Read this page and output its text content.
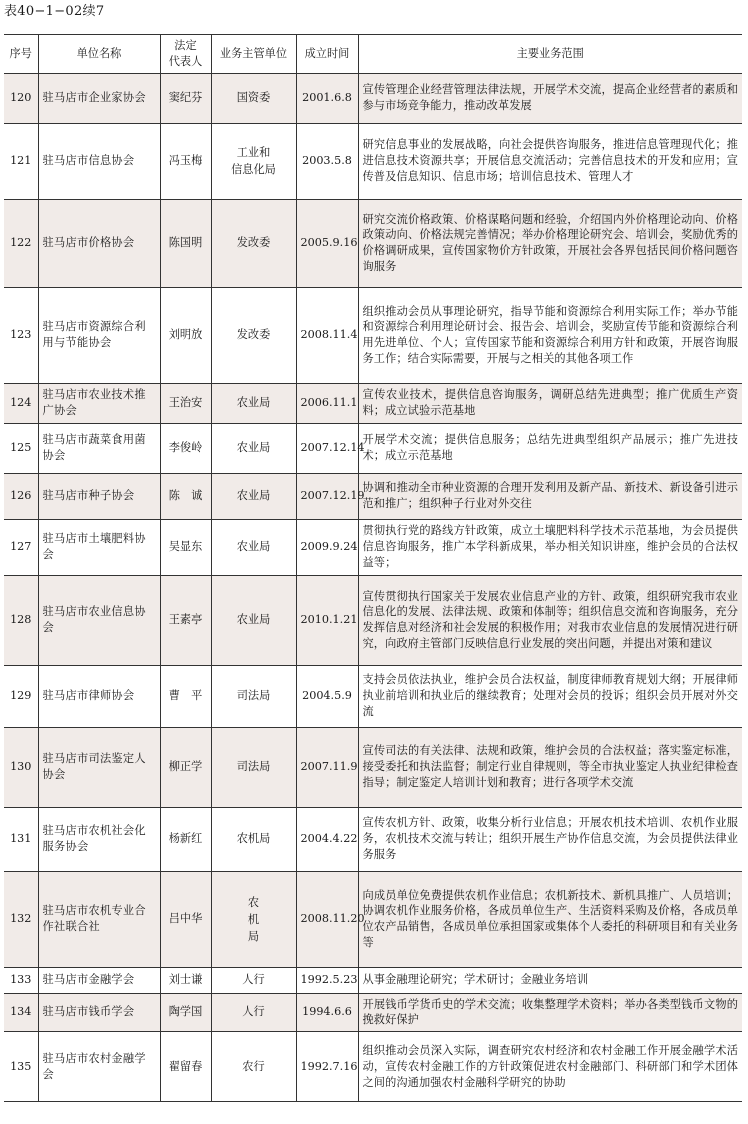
表40−1−02续7
序号	单位名称	法定
代表人	业务主管单位	成立时间	主要业务范围
120	驻马店市企业家协会	窦纪芬	国资委	2001.6.8	宣传管理企业经营管理法律法规，开展学术交流，提高企业经营者的素质和参与市场竞争能力，推动改革发展
121	驻马店市信息协会	冯玉梅	工业和
信息化局	2003.5.8	研究信息事业的发展战略，向社会提供咨询服务，推进信息管理现代化；推进信息技术资源共享；开展信息交流活动；完善信息技术的开发和应用；宣传普及信息知识、信息市场；培训信息技术、管理人才
122	驻马店市价格协会	陈国明	发改委	2005.9.16	研究交流价格政策、价格谋略问题和经验，介绍国内外价格理论动向、价格政策动向、价格法规完善情况；举办价格理论研究会、培训会，奖励优秀的价格调研成果，宣传国家物价方针政策，开展社会各界包括民间价格问题咨询服务
123	驻马店市资源综合利用与节能协会	刘明放	发改委	2008.11.4	组织推动会员从事理论研究，指导节能和资源综合利用实际工作；举办节能和资源综合利用理论研讨会、报告会、培训会，奖励宣传节能和资源综合利用先进单位、个人；宣传国家节能和资源综合利用方针和政策，开展咨询服务工作；结合实际需要，开展与之相关的其他各项工作
124	驻马店市农业技术推广协会	王治安	农业局	2006.11.1	宣传农业技术，提供信息咨询服务，调研总结先进典型；推广优质生产资料；成立试验示范基地
125	驻马店市蔬菜食用菌协会	李俊岭	农业局	2007.12.14	开展学术交流；提供信息服务；总结先进典型组织产品展示；推广先进技术；成立示范基地
126	驻马店市种子协会	陈　诚	农业局	2007.12.19	协调和推动全市种业资源的合理开发利用及新产品、新技术、新设备引进示范和推广；组织种子行业对外交往
127	驻马店市土壤肥料协会	吴显东	农业局	2009.9.24	贯彻执行党的路线方针政策，成立土壤肥料科学技术示范基地，为会员提供信息咨询服务，推广本学科新成果，举办相关知识讲座，维护会员的合法权益等；
128	驻马店市农业信息协会	王素亭	农业局	2010.1.21	宣传贯彻执行国家关于发展农业信息产业的方针、政策，组织研究我市农业信息化的发展、法律法规、政策和体制等；组织信息交流和咨询服务，充分发挥信息对经济和社会发展的积极作用；对我市农业信息的发展情况进行研究，向政府主管部门反映信息行业发展的突出问题，并提出对策和建议
129	驻马店市律师协会	曹　平	司法局	2004.5.9	支持会员依法执业，维护会员合法权益，制度律师教育规划大纲；开展律师执业前培训和执业后的继续教育；处理对会员的投诉；组织会员开展对外交流
130	驻马店市司法鉴定人协会	柳正学	司法局	2007.11.9	宣传司法的有关法律、法规和政策，维护会员的合法权益；落实鉴定标准，接受委托和执法监督；制定行业自律规则，等全市执业鉴定人执业纪律检查指导；制定鉴定人培训计划和教育；进行各项学术交流
131	驻马店市农机社会化服务协会	杨新红	农机局	2004.4.22	宣传农机方针、政策，收集分析行业信息；开展农机技术培训、农机作业服务，农机技术交流与转让；组织开展生产协作信息交流，为会员提供法律业务服务
132	驻马店市农机专业合作社联合社	吕中华	农
机
局	2008.11.20	向成员单位免费提供农机作业信息；农机新技术、新机具推广、人员培训；协调农机作业服务价格，各成员单位生产、生活资料采购及价格，各成员单位农产品销售，各成员单位承担国家或集体个人委托的科研项目和有关业务等
133	驻马店市金融学会	刘士谦	人行	1992.5.23	从事金融理论研究；学术研讨；金融业务培训
134	驻马店市钱币学会	陶学国	人行	1994.6.6	开展钱币学货币史的学术交流；收集整理学术资料；举办各类型钱币文物的挽救好保护
135	驻马店市农村金融学会	翟留春	农行	1992.7.16	组织推动会员深入实际，调查研究农村经济和农村金融工作开展金融学术活动，宣传农村金融工作的方针政策促进农村金融部门、科研部门和学术团体之间的沟通加强农村金融科学研究的协助
